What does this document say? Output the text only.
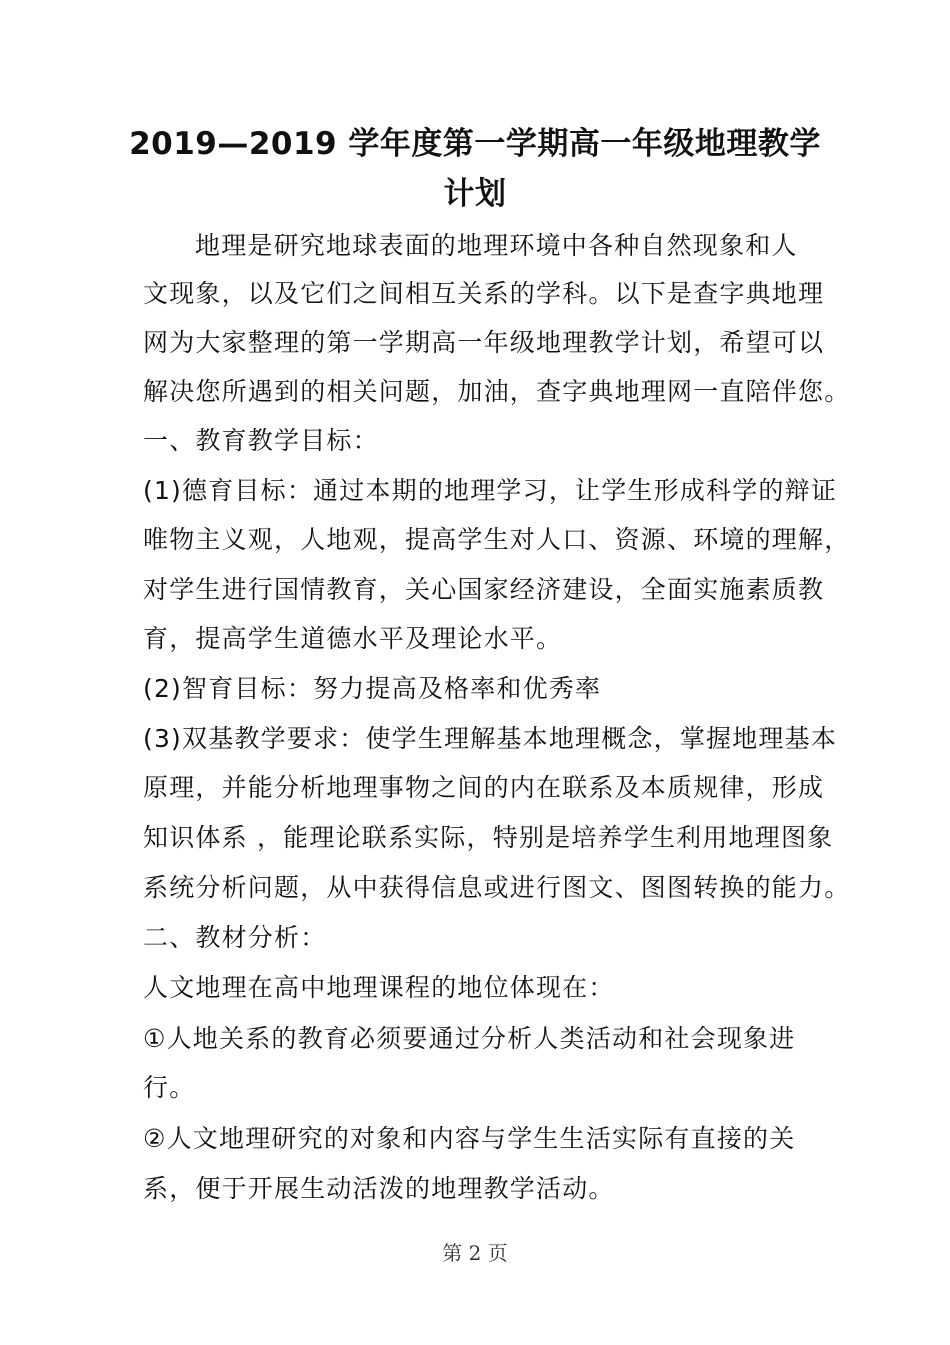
2019—2019 学年度第一学期高一年级地理教学
计划
地理是研究地球表面的地理环境中各种自然现象和人
文现象，以及它们之间相互关系的学科。以下是查字典地理
网为大家整理的第一学期高一年级地理教学计划，希望可以
解决您所遇到的相关问题，加油，查字典地理网一直陪伴您。
一、教育教学目标：
(1)德育目标：通过本期的地理学习，让学生形成科学的辩证
唯物主义观，人地观，提高学生对人口、资源、环境的理解，
对学生进行国情教育，关心国家经济建设，全面实施素质教
育，提高学生道德水平及理论水平。
(2)智育目标：努力提高及格率和优秀率
(3)双基教学要求：使学生理解基本地理概念，掌握地理基本
原理，并能分析地理事物之间的内在联系及本质规律，形成
知识体系 ，能理论联系实际，特别是培养学生利用地理图象
系统分析问题，从中获得信息或进行图文、图图转换的能力。
二、教材分析：
人文地理在高中地理课程的地位体现在：
①人地关系的教育必须要通过分析人类活动和社会现象进
行。
②人文地理研究的对象和内容与学生生活实际有直接的关
系，便于开展生动活泼的地理教学活动。
第 2 页
